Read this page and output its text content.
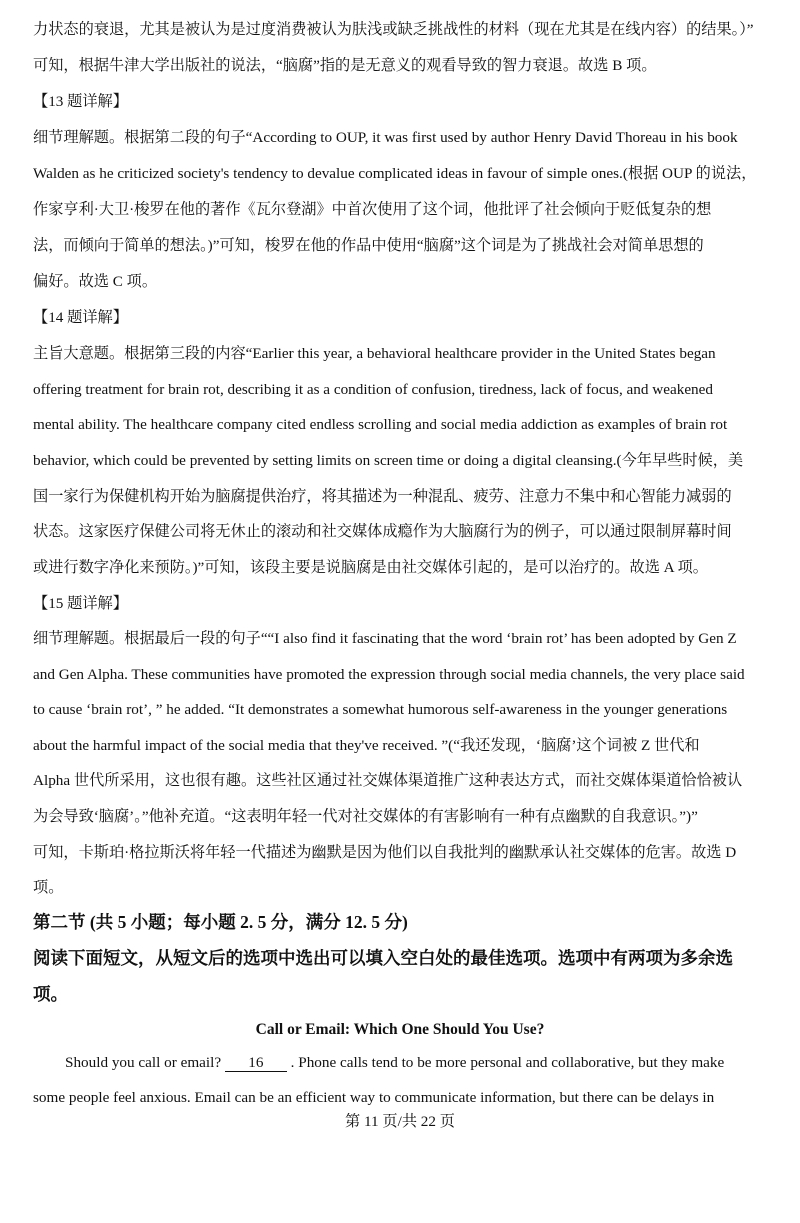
力状态的衰退，尤其是被认为是过度消费被认为肤浅或缺乏挑战性的材料（现在尤其是在线内容）的结果。）”
可知，根据牛津大学出版社的说法，“脑腐”指的是无意义的观看导致的智力衰退。故选 B 项。
【13 题详解】
细节理解题。根据第二段的句子“According to OUP, it was first used by author Henry David Thoreau in his book
Walden as he criticized society's tendency to devalue complicated ideas in favour of simple ones.(根据 OUP 的说法，
作家亨利·大卫·梭罗在他的著作《瓦尔登湖》中首次使用了这个词，他批评了社会倾向于贬低复杂的想
法，而倾向于简单的想法。)”可知，梭罗在他的作品中使用“脑腐”这个词是为了挑战社会对简单思想的
偏好。故选 C 项。
【14 题详解】
主旨大意题。根据第三段的内容“Earlier this year, a behavioral healthcare provider in the United States began
offering treatment for brain rot, describing it as a condition of confusion, tiredness, lack of focus, and weakened
mental ability. The healthcare company cited endless scrolling and social media addiction as examples of brain rot
behavior, which could be prevented by setting limits on screen time or doing a digital cleansing.(今年早些时候，美
国一家行为保健机构开始为脑腐提供治疗，将其描述为一种混乱、疲劳、注意力不集中和心智能力减弱的
状态。这家医疗保健公司将无休止的滚动和社交媒体成瘾作为大脑腐行为的例子，可以通过限制屏幕时间
或进行数字净化来预防。)”可知，该段主要是说脑腐是由社交媒体引起的，是可以治疗的。故选 A 项。
【15 题详解】
细节理解题。根据最后一段的句子““I also find it fascinating that the word ‘brain rot’ has been adopted by Gen Z
and Gen Alpha. These communities have promoted the expression through social media channels, the very place said
to cause ‘brain rot’, ” he added. “It demonstrates a somewhat humorous self-awareness in the younger generations
about the harmful impact of the social media that they've received. ”(“我还发现，‘脑腐’这个词被 Z 世代和
Alpha 世代所采用，这也很有趣。这些社区通过社交媒体渠道推广这种表达方式，而社交媒体渠道恰恰被认
为会导致‘脑腐’。”他补充道。“这表明年轻一代对社交媒体的有害影响有一种有点幽默的自我意识。”)”
可知，卡斯珀·格拉斯沃将年轻一代描述为幽默是因为他们以自我批判的幽默承认社交媒体的危害。故选 D
项。
第二节 (共 5 小题；每小题 2. 5 分，满分 12. 5 分)
阅读下面短文，从短文后的选项中选出可以填入空白处的最佳选项。选项中有两项为多余选
项。
Call or Email: Which One Should You Use?
Should you call or email? 16 . Phone calls tend to be more personal and collaborative, but they make
some people feel anxious. Email can be an efficient way to communicate information, but there can be delays in
第 11 页/共 22 页
